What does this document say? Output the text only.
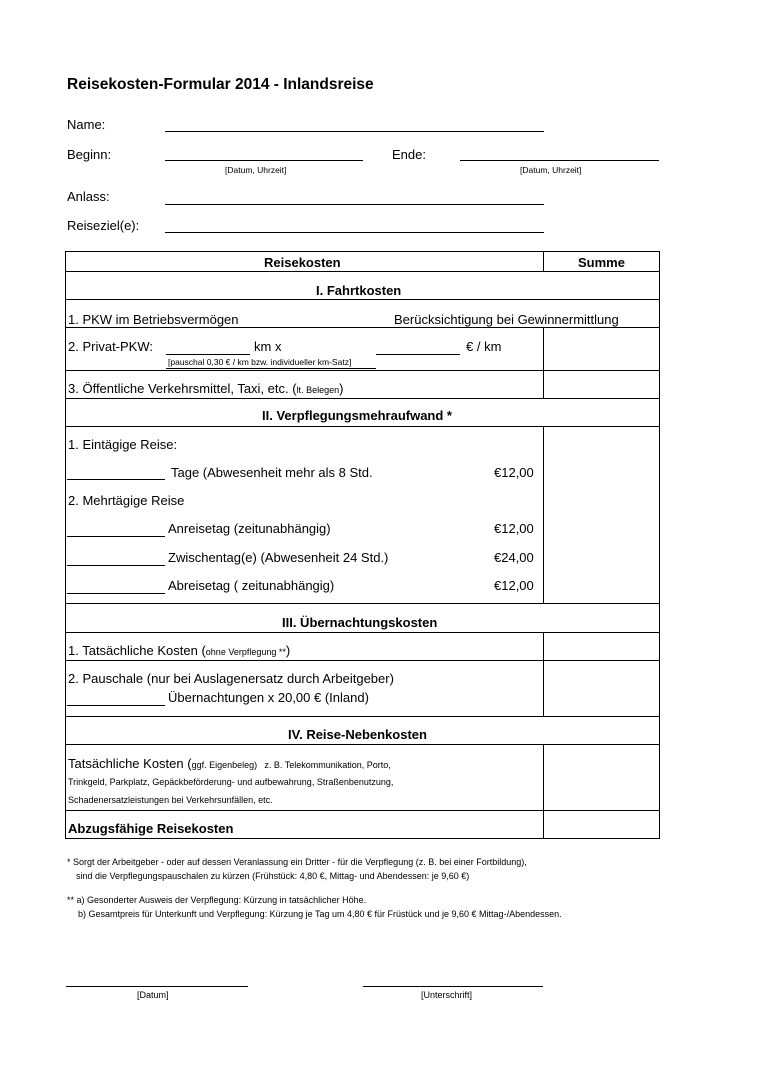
Reisekosten-Formular 2014 - Inlandsreise
Name:
Beginn:
[Datum, Uhrzeit]
Ende:
[Datum, Uhrzeit]
Anlass:
Reiseziel(e):
Reisekosten	Summe
I. Fahrtkosten
1. PKW im Betriebsvermögen	Berücksichtigung bei Gewinnermittlung
2. Privat-PKW:	km x	€ / km
[pauschal 0,30 € / km bzw. individueller km-Satz]
3. Öffentliche Verkehrsmittel, Taxi, etc. (lt. Belegen)
II. Verpflegungsmehraufwand *
1. Eintägige Reise:
Tage (Abwesenheit mehr als 8 Std.	€12,00
2. Mehrtägige Reise
Anreisetag (zeitunabhängig)	€12,00
Zwischentag(e) (Abwesenheit 24 Std.)	€24,00
Abreisetag ( zeitunabhängig)	€12,00
III. Übernachtungskosten
1. Tatsächliche Kosten (ohne Verpflegung **)
2. Pauschale (nur bei Auslagenersatz durch Arbeitgeber)
Übernachtungen x 20,00 € (Inland)
IV. Reise-Nebenkosten
Tatsächliche Kosten (ggf. Eigenbeleg) z. B. Telekommunikation, Porto,
Trinkgeld, Parkplatz, Gepäckbeförderung- und aufbewahrung, Straßenbenutzung,
Schadenersatzleistungen bei Verkehrsunfällen, etc.
Abzugsfähige Reisekosten
* Sorgt der Arbeitgeber - oder auf dessen Veranlassung ein Dritter - für die Verpflegung (z. B. bei einer Fortbildung),
sind die Verpflegungspauschalen zu kürzen (Frühstück: 4,80 €, Mittag- und Abendessen: je 9,60 €)
** a) Gesonderter Ausweis der Verpflegung: Kürzung in tatsächlicher Höhe.
b) Gesamtpreis für Unterkunft und Verpflegung: Kürzung je Tag um 4,80 € für Früstück und je 9,60 € Mittag-/Abendessen.
[Datum]	[Unterschrift]
